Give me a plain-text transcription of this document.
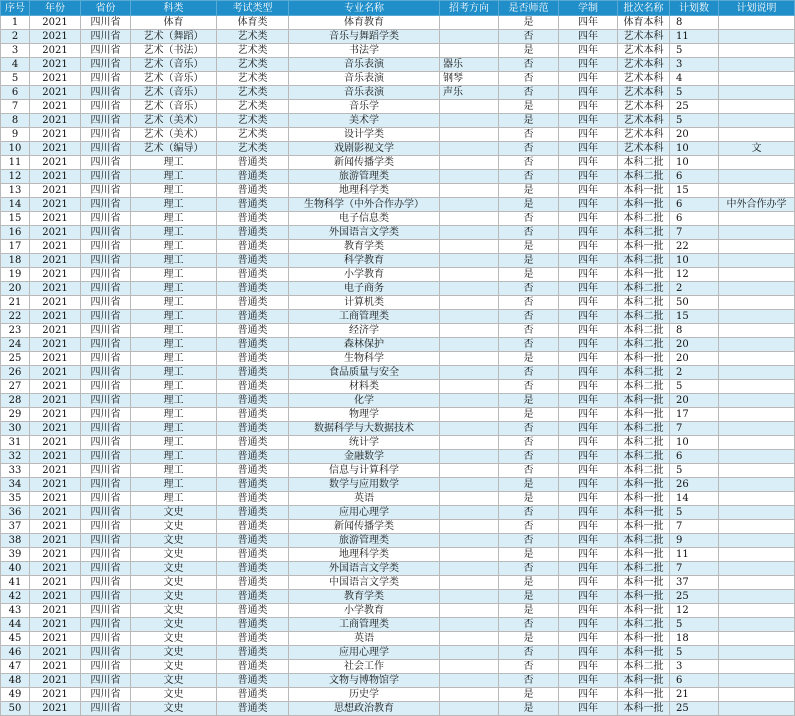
序号	年份	省份	科类	考试类型	专业名称	招考方向	是否师范	学制	批次名称	计划数	计划说明
1	2021	四川省	体育	体育类	体育教育		是	四年	体育本科	8	
2	2021	四川省	艺术（舞蹈）	艺术类	音乐与舞蹈学类		否	四年	艺术本科	11	
3	2021	四川省	艺术（书法）	艺术类	书法学		是	四年	艺术本科	5	
4	2021	四川省	艺术（音乐）	艺术类	音乐表演	器乐	否	四年	艺术本科	3	
5	2021	四川省	艺术（音乐）	艺术类	音乐表演	钢琴	否	四年	艺术本科	4	
6	2021	四川省	艺术（音乐）	艺术类	音乐表演	声乐	否	四年	艺术本科	5	
7	2021	四川省	艺术（音乐）	艺术类	音乐学		是	四年	艺术本科	25	
8	2021	四川省	艺术（美术）	艺术类	美术学		是	四年	艺术本科	5	
9	2021	四川省	艺术（美术）	艺术类	设计学类		否	四年	艺术本科	20	
10	2021	四川省	艺术（编导）	艺术类	戏剧影视文学		否	四年	艺术本科	10	文
11	2021	四川省	理工	普通类	新闻传播学类		否	四年	本科二批	10	
12	2021	四川省	理工	普通类	旅游管理类		否	四年	本科二批	6	
13	2021	四川省	理工	普通类	地理科学类		是	四年	本科一批	15	
14	2021	四川省	理工	普通类	生物科学（中外合作办学）		是	四年	本科一批	6	中外合作办学
15	2021	四川省	理工	普通类	电子信息类		否	四年	本科二批	6	
16	2021	四川省	理工	普通类	外国语言文学类		否	四年	本科二批	7	
17	2021	四川省	理工	普通类	教育学类		是	四年	本科一批	22	
18	2021	四川省	理工	普通类	科学教育		是	四年	本科二批	10	
19	2021	四川省	理工	普通类	小学教育		是	四年	本科一批	12	
20	2021	四川省	理工	普通类	电子商务		否	四年	本科二批	2	
21	2021	四川省	理工	普通类	计算机类		否	四年	本科二批	50	
22	2021	四川省	理工	普通类	工商管理类		否	四年	本科二批	15	
23	2021	四川省	理工	普通类	经济学		否	四年	本科二批	8	
24	2021	四川省	理工	普通类	森林保护		否	四年	本科二批	20	
25	2021	四川省	理工	普通类	生物科学		是	四年	本科一批	20	
26	2021	四川省	理工	普通类	食品质量与安全		否	四年	本科二批	2	
27	2021	四川省	理工	普通类	材料类		否	四年	本科二批	5	
28	2021	四川省	理工	普通类	化学		是	四年	本科一批	20	
29	2021	四川省	理工	普通类	物理学		是	四年	本科一批	17	
30	2021	四川省	理工	普通类	数据科学与大数据技术		否	四年	本科二批	7	
31	2021	四川省	理工	普通类	统计学		否	四年	本科二批	10	
32	2021	四川省	理工	普通类	金融数学		否	四年	本科二批	6	
33	2021	四川省	理工	普通类	信息与计算科学		否	四年	本科二批	5	
34	2021	四川省	理工	普通类	数学与应用数学		是	四年	本科一批	26	
35	2021	四川省	理工	普通类	英语		是	四年	本科一批	14	
36	2021	四川省	文史	普通类	应用心理学		否	四年	本科一批	5	
37	2021	四川省	文史	普通类	新闻传播学类		否	四年	本科一批	7	
38	2021	四川省	文史	普通类	旅游管理类		否	四年	本科二批	9	
39	2021	四川省	文史	普通类	地理科学类		是	四年	本科一批	11	
40	2021	四川省	文史	普通类	外国语言文学类		否	四年	本科二批	7	
41	2021	四川省	文史	普通类	中国语言文学类		是	四年	本科一批	37	
42	2021	四川省	文史	普通类	教育学类		是	四年	本科一批	25	
43	2021	四川省	文史	普通类	小学教育		是	四年	本科一批	12	
44	2021	四川省	文史	普通类	工商管理类		否	四年	本科二批	5	
45	2021	四川省	文史	普通类	英语		是	四年	本科一批	18	
46	2021	四川省	文史	普通类	应用心理学		否	四年	本科一批	5	
47	2021	四川省	文史	普通类	社会工作		否	四年	本科二批	3	
48	2021	四川省	文史	普通类	文物与博物馆学		否	四年	本科一批	6	
49	2021	四川省	文史	普通类	历史学		是	四年	本科一批	21	
50	2021	四川省	文史	普通类	思想政治教育		是	四年	本科一批	25	
